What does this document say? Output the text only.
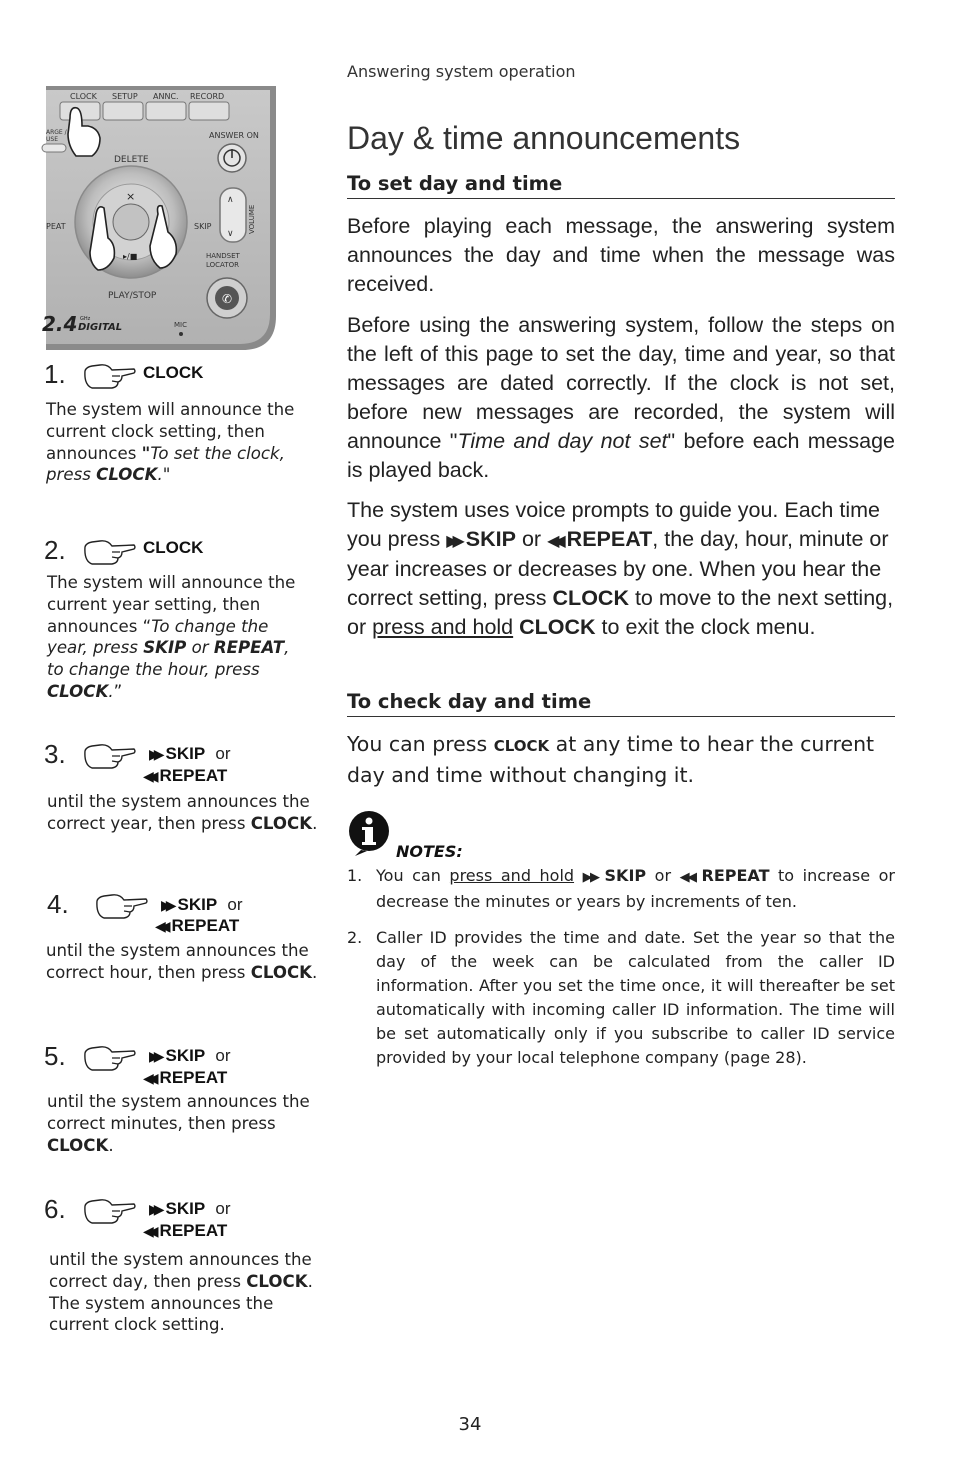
Answering system operation
CLOCK SETUP ANNC. RECORD
ARGE /
USE
DELETE
ANSWER ON
×
▸/■
PEAT	SKIP
PLAY/STOP
∧
∨ VOLUME
HANDSET
LOCATOR
✆
2.4 GHz
DIGITAL	MIC
1.	CLOCK
The system will announce the current clock setting, then announces "To set the clock, press CLOCK."
2.	CLOCK
The system will announce the current year setting, then announces “To change the year, press SKIP or REPEAT, to change the hour, press CLOCK.”
3.	▶▶ SKIP or
◀◀ REPEAT
until the system announces the correct year, then press CLOCK.
4.	▶▶ SKIP or
◀◀ REPEAT
until the system announces the correct hour, then press CLOCK.
5.	▶▶ SKIP or
◀◀ REPEAT
until the system announces the correct minutes, then press CLOCK.
6.	▶▶ SKIP or
◀◀ REPEAT
until the system announces the correct day, then press CLOCK. The system announces the current clock setting.
Day & time announcements
To set day and time
Before playing each message, the answering system announces the day and time when the message was received.
Before using the answering system, follow the steps on the left of this page to set the day, time and year, so that messages are dated correctly. If the clock is not set, before new messages are recorded, the system will announce "Time and day not set" before each message is played back.
The system uses voice prompts to guide you. Each time you press ▶▶ SKIP or ◀◀ REPEAT, the day, hour, minute or year increases or decreases by one. When you hear the correct setting, press CLOCK to move to the next setting, or press and hold CLOCK to exit the clock menu.
To check day and time
You can press CLOCK at any time to hear the current day and time without changing it.
NOTES:
1. You can press and hold ▶▶ SKIP or ◀◀ REPEAT to increase or decrease the minutes or years by increments of ten.
2. Caller ID provides the time and date. Set the year so that the day of the week can be calculated from the caller ID information. After you set the time once, it will thereafter be set automatically with incoming caller ID information. The time will be set automatically only if you subscribe to caller ID service provided by your local telephone company (page 28).
34
